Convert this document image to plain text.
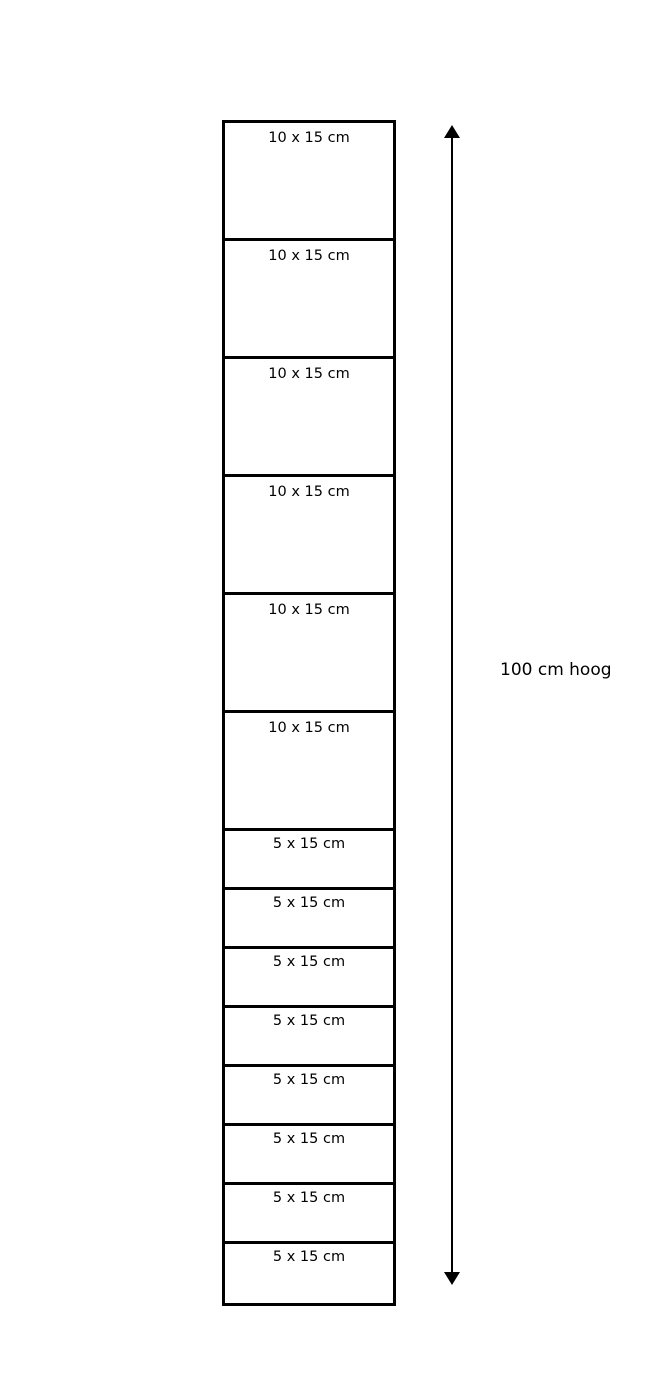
10 x 15 cm
10 x 15 cm
10 x 15 cm
10 x 15 cm
10 x 15 cm
10 x 15 cm
5 x 15 cm
5 x 15 cm
5 x 15 cm
5 x 15 cm
5 x 15 cm
5 x 15 cm
5 x 15 cm
5 x 15 cm
100 cm hoog
